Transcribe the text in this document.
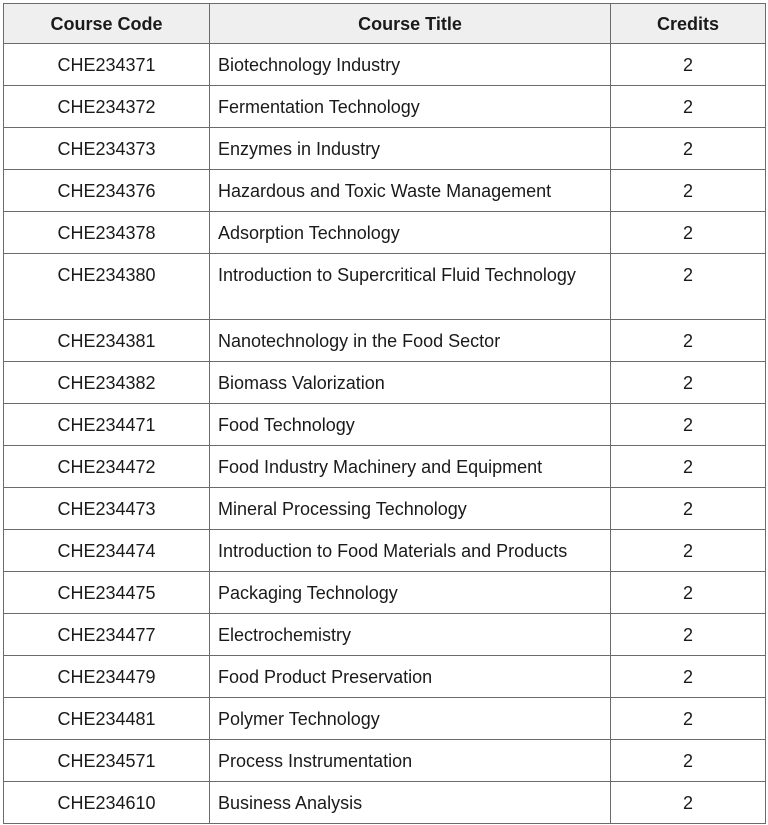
Course Code	Course Title	Credits
CHE234371	Biotechnology Industry	2
CHE234372	Fermentation Technology	2
CHE234373	Enzymes in Industry	2
CHE234376	Hazardous and Toxic Waste Management	2
CHE234378	Adsorption Technology	2
CHE234380	Introduction to Supercritical Fluid Technology	2
CHE234381	Nanotechnology in the Food Sector	2
CHE234382	Biomass Valorization	2
CHE234471	Food Technology	2
CHE234472	Food Industry Machinery and Equipment	2
CHE234473	Mineral Processing Technology	2
CHE234474	Introduction to Food Materials and Products	2
CHE234475	Packaging Technology	2
CHE234477	Electrochemistry	2
CHE234479	Food Product Preservation	2
CHE234481	Polymer Technology	2
CHE234571	Process Instrumentation	2
CHE234610	Business Analysis	2
